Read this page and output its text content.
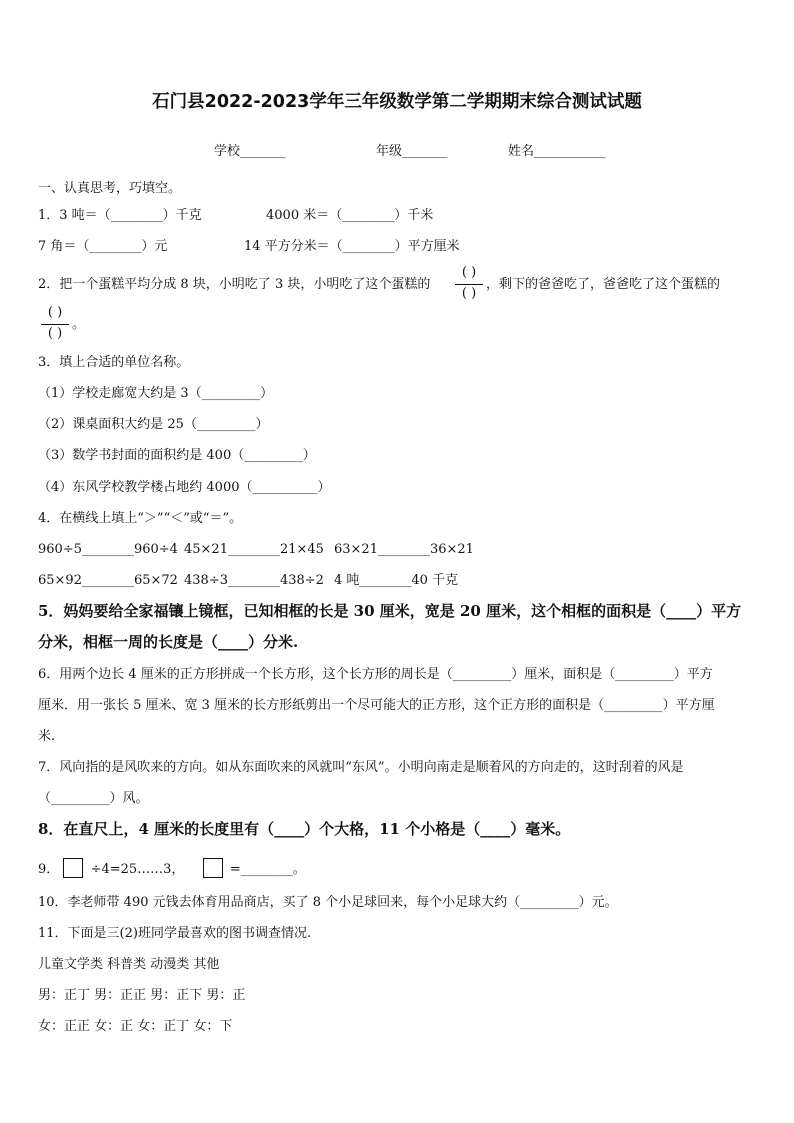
石门县2022-2023学年三年级数学第二学期期末综合测试试题
学校_______	年级_______	姓名___________
一、认真思考，巧填空。
1．3 吨＝（________）千克	4000 米＝（________）千米
7 角＝（________）元	14 平方分米＝（________）平方厘米
2．把一个蛋糕平均分成 8 块，小明吃了 3 块，小明吃了这个蛋糕的
( )
( )
，剩下的爸爸吃了，爸爸吃了这个蛋糕的
( )
( )
。
3．填上合适的单位名称。
（1）学校走廊宽大约是 3（_________）
（2）课桌面积大约是 25（_________）
（3）数学书封面的面积约是 400（_________）
（4）东风学校教学楼占地约 4000（__________）
4．在横线上填上“＞”“＜”或“＝”。
960÷5________960÷4 45×21________21×45 63×21________36×21
65×92________65×72 438÷3________438÷2 4 吨________40 千克
5．妈妈要给全家福镶上镜框，已知相框的长是 30 厘米，宽是 20 厘米，这个相框的面积是（____）平方
分米，相框一周的长度是（____）分米.
6．用两个边长 4 厘米的正方形拼成一个长方形，这个长方形的周长是（_________）厘米，面积是（_________）平方
厘米．用一张长 5 厘米、宽 3 厘米的长方形纸剪出一个尽可能大的正方形，这个正方形的面积是（_________）平方厘
米.
7．风向指的是风吹来的方向。如从东面吹来的风就叫“东风”。小明向南走是顺着风的方向走的，这时刮着的风是
（_________）风。
8．在直尺上，4 厘米的长度里有（____）个大格，11 个小格是（____）毫米。
9． ÷4=25……3，	=________。
10．李老师带 490 元钱去体育用品商店，买了 8 个小足球回来，每个小足球大约（_________）元。
11．下面是三(2)班同学最喜欢的图书调查情况.
儿童文学类 科普类 动漫类 其他
男：正丁 男：正正 男：正下 男：正
女：正正 女：正 女：正丁 女：下
